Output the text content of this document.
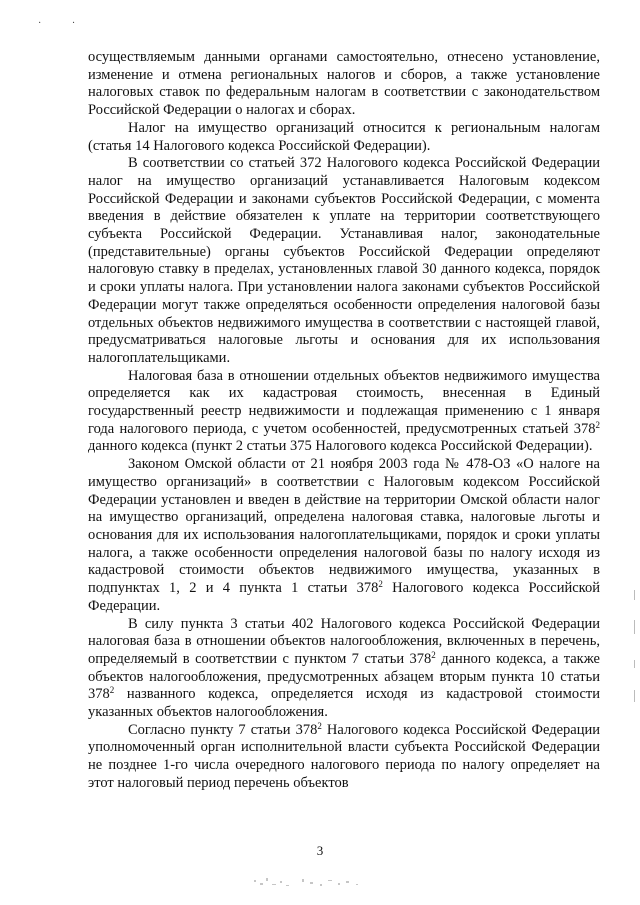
· ·

осуществляемым данными органами самостоятельно, отнесено установление, изменение и отмена региональных налогов и сборов, а также установление налоговых ставок по федеральным налогам в соответствии с законодательством Российской Федерации о налогах и сборах.

Налог на имущество организаций относится к региональным налогам (статья 14 Налогового кодекса Российской Федерации).

В соответствии со статьей 372 Налогового кодекса Российской Федерации налог на имущество организаций устанавливается Налоговым кодексом Российской Федерации и законами субъектов Российской Федерации, с момента введения в действие обязателен к уплате на территории соответствующего субъекта Российской Федерации. Устанавливая налог, законодательные (представительные) органы субъектов Российской Федерации определяют налоговую ставку в пределах, установленных главой 30 данного кодекса, порядок и сроки уплаты налога. При установлении налога законами субъектов Российской Федерации могут также определяться особенности определения налоговой базы отдельных объектов недвижимого имущества в соответствии с настоящей главой, предусматриваться налоговые льготы и основания для их использования налогоплательщиками.

Налоговая база в отношении отдельных объектов недвижимого имущества определяется как их кадастровая стоимость, внесенная в Единый государственный реестр недвижимости и подлежащая применению с 1 января года налогового периода, с учетом особенностей, предусмотренных статьей $378^2$ данного кодекса (пункт 2 статьи 375 Налогового кодекса Российской Федерации).

Законом Омской области от 21 ноября 2003 года № 478-ОЗ «О налоге на имущество организаций» в соответствии с Налоговым кодексом Российской Федерации установлен и введен в действие на территории Омской области налог на имущество организаций, определена налоговая ставка, налоговые льготы и основания для их использования налогоплательщиками, порядок и сроки уплаты налога, а также особенности определения налоговой базы по налогу исходя из кадастровой стоимости объектов недвижимого имущества, указанных в подпунктах 1, 2 и 4 пункта 1 статьи $378^2$ Налогового кодекса Российской Федерации.

В силу пункта 3 статьи 402 Налогового кодекса Российской Федерации налоговая база в отношении объектов налогообложения, включенных в перечень, определяемый в соответствии с пунктом 7 статьи $378^2$ данного кодекса, а также объектов налогообложения, предусмотренных абзацем вторым пункта 10 статьи $378^2$ названного кодекса, определяется исходя из кадастровой стоимости указанных объектов налогообложения.

Согласно пункту 7 статьи $378^2$ Налогового кодекса Российской Федерации уполномоченный орган исполнительной власти субъекта Российской Федерации не позднее 1-го числа очередного налогового периода по налогу определяет на этот налоговый период перечень объектов

3
